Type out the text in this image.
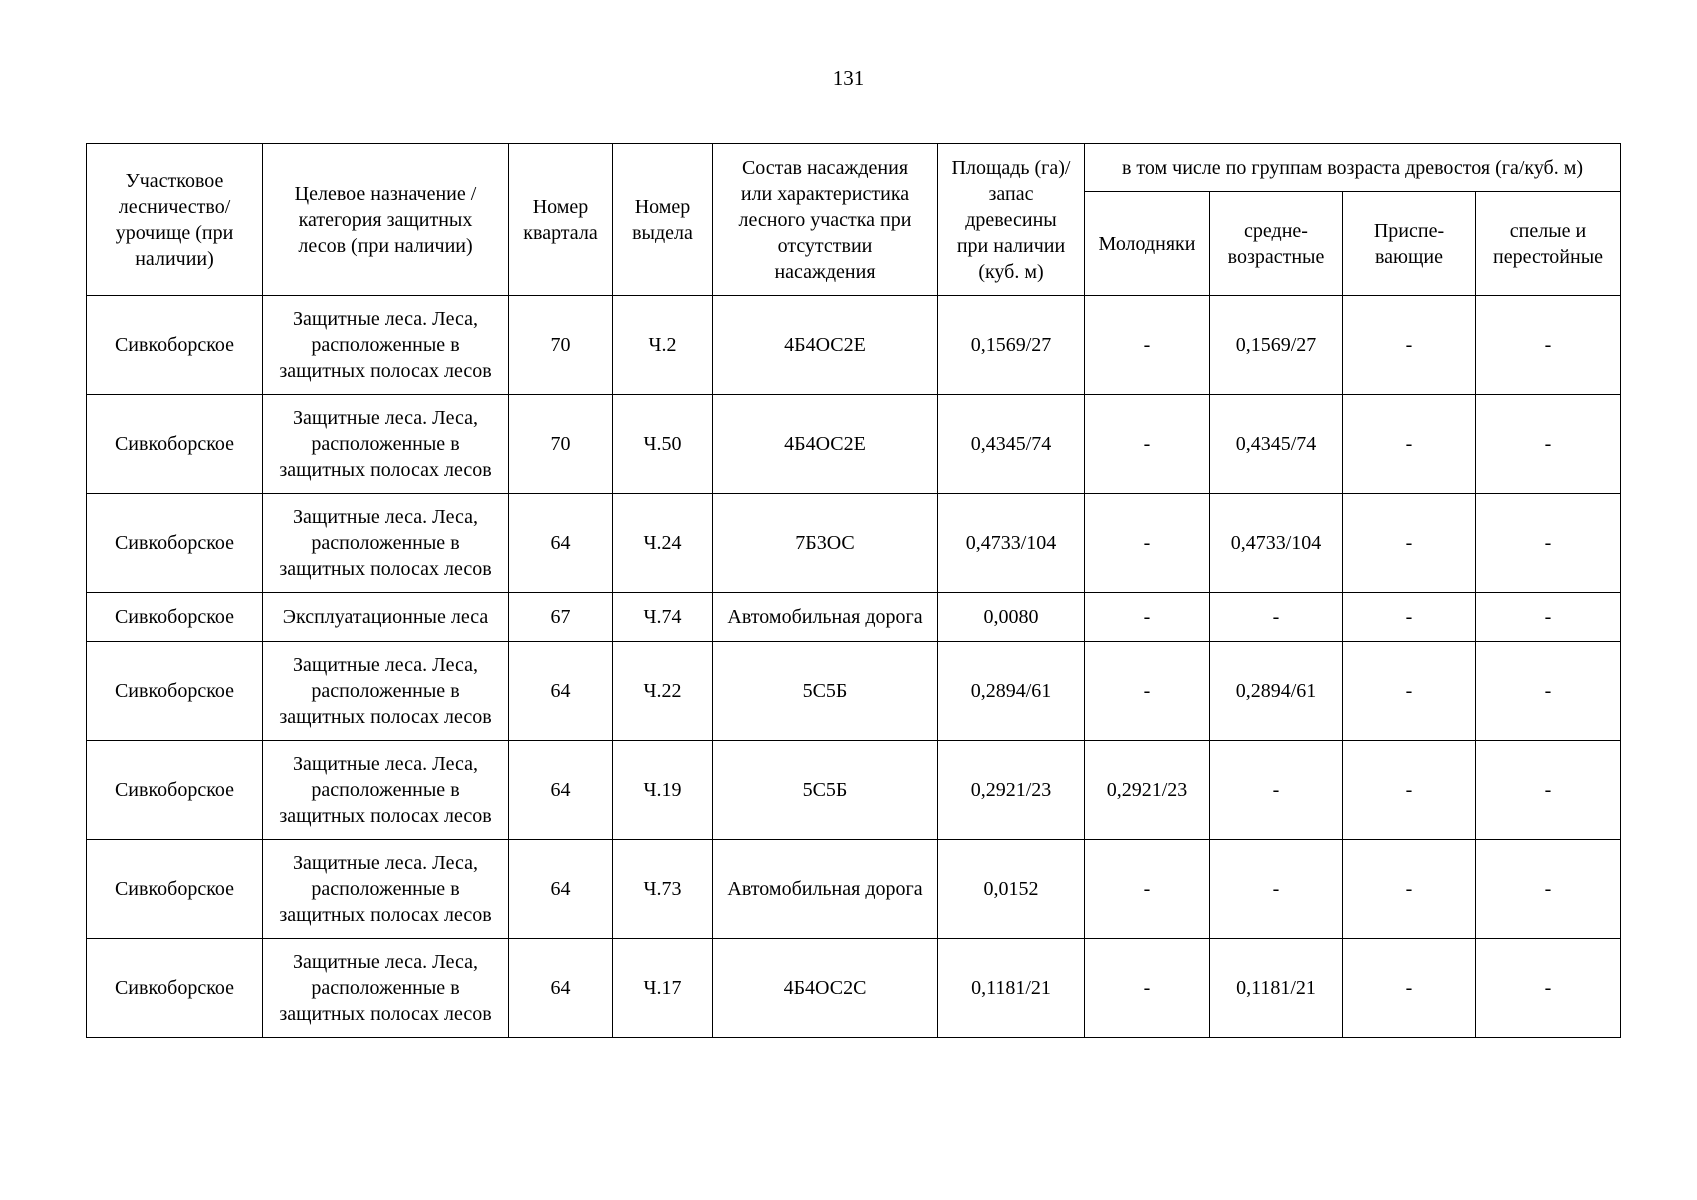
131
Участковое
лесничество/
урочище (при
наличии)	Целевое назначение /
категория защитных
лесов (при наличии)	Номер
квартала	Номер
выдела	Состав насаждения
или характеристика
лесного участка при
отсутствии
насаждения	Площадь (га)/
запас
древесины
при наличии
(куб. м)	в том числе по группам возраста древостоя (га/куб. м)			
						Молодняки	средне-
возрастные	Приспе-
вающие	спелые и
перестойные
Сивкоборское	Защитные леса. Леса,
расположенные в
защитных полосах лесов	70	Ч.2	4Б4ОС2Е	0,1569/27	-	0,1569/27	-	-
Сивкоборское	Защитные леса. Леса,
расположенные в
защитных полосах лесов	70	Ч.50	4Б4ОС2Е	0,4345/74	-	0,4345/74	-	-
Сивкоборское	Защитные леса. Леса,
расположенные в
защитных полосах лесов	64	Ч.24	7Б3ОС	0,4733/104	-	0,4733/104	-	-
Сивкоборское	Эксплуатационные леса	67	Ч.74	Автомобильная дорога	0,0080	-	-	-	-
Сивкоборское	Защитные леса. Леса,
расположенные в
защитных полосах лесов	64	Ч.22	5С5Б	0,2894/61	-	0,2894/61	-	-
Сивкоборское	Защитные леса. Леса,
расположенные в
защитных полосах лесов	64	Ч.19	5С5Б	0,2921/23	0,2921/23	-	-	-
Сивкоборское	Защитные леса. Леса,
расположенные в
защитных полосах лесов	64	Ч.73	Автомобильная дорога	0,0152	-	-	-	-
Сивкоборское	Защитные леса. Леса,
расположенные в
защитных полосах лесов	64	Ч.17	4Б4ОС2С	0,1181/21	-	0,1181/21	-	-
